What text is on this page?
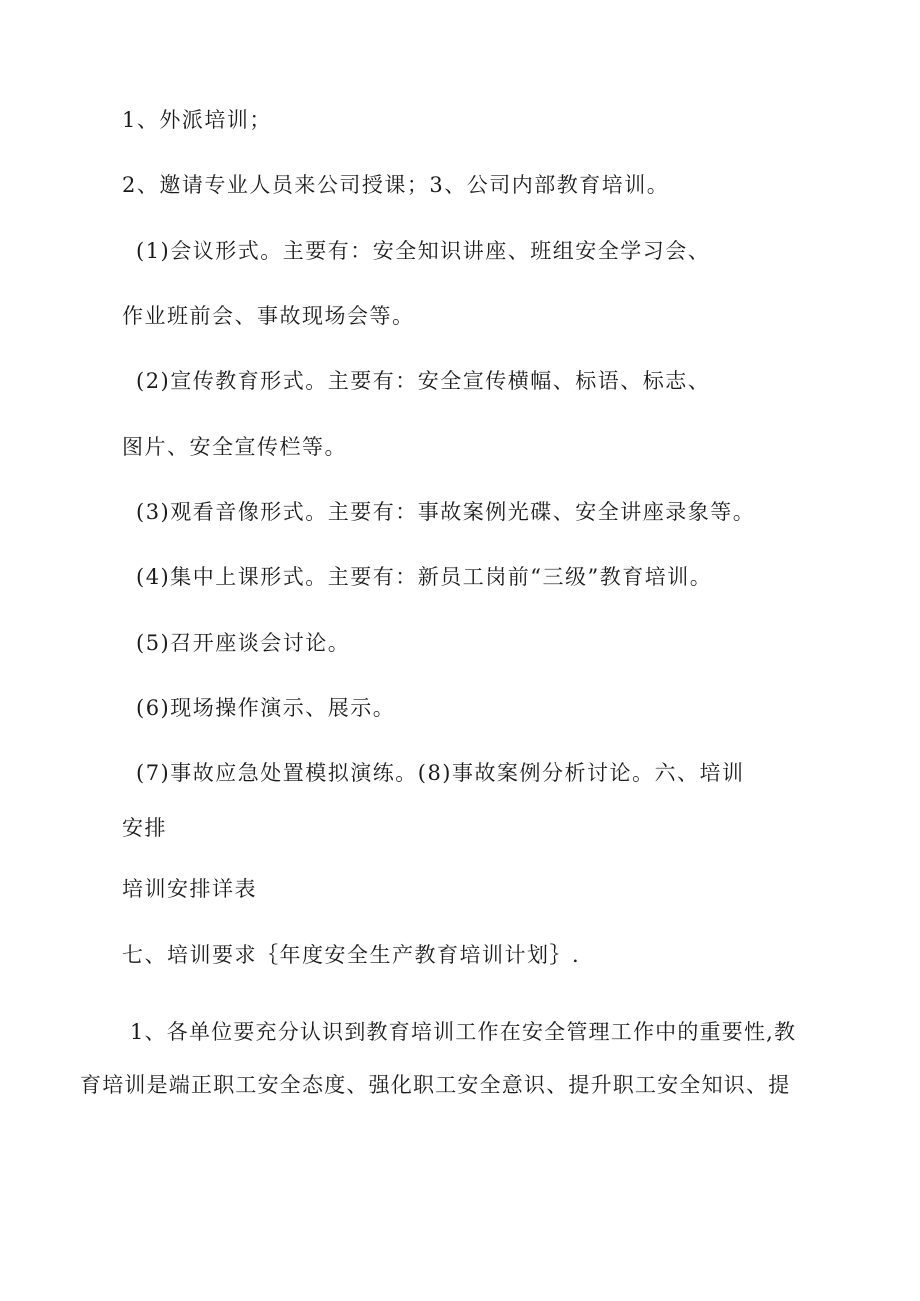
1、外派培训；
2、邀请专业人员来公司授课；3、公司内部教育培训。
(1)会议形式。主要有：安全知识讲座、班组安全学习会、
作业班前会、事故现场会等。
(2)宣传教育形式。主要有：安全宣传横幅、标语、标志、
图片、安全宣传栏等。
(3)观看音像形式。主要有：事故案例光碟、安全讲座录象等。
(4)集中上课形式。主要有：新员工岗前“三级”教育培训。
(5)召开座谈会讨论。
(6)现场操作演示、展示。
(7)事故应急处置模拟演练。(8)事故案例分析讨论。六、培训
安排
培训安排详表
七、培训要求｛年度安全生产教育培训计划｝.
1、各单位要充分认识到教育培训工作在安全管理工作中的重要性,教
育培训是端正职工安全态度、强化职工安全意识、提升职工安全知识、提
